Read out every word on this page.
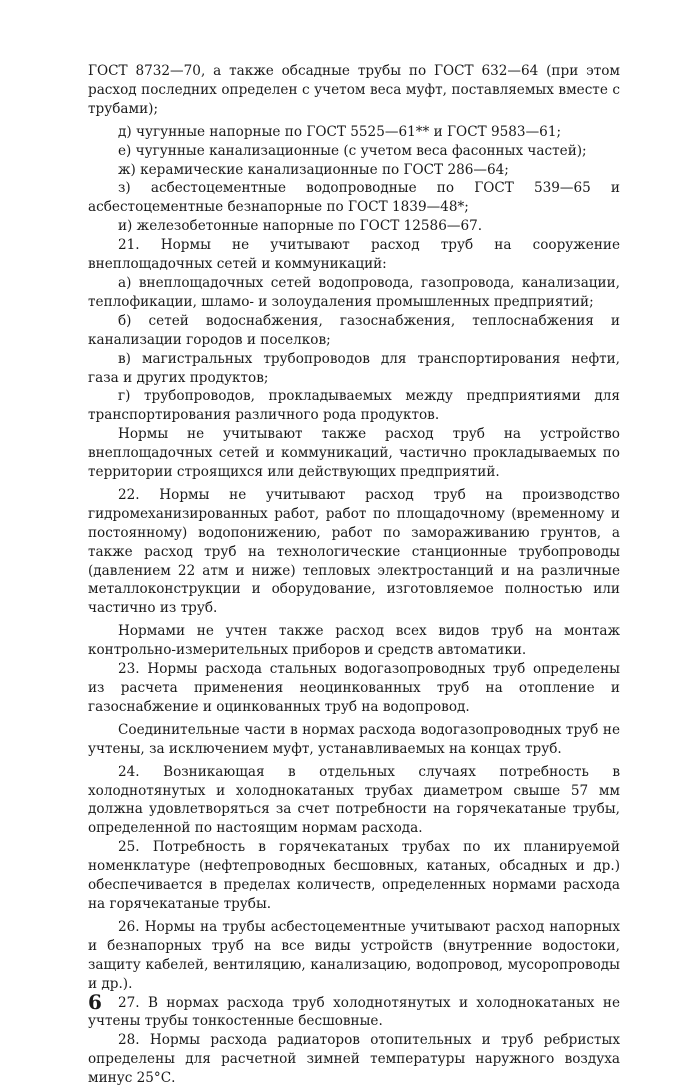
ГОСТ 8732—70, а также обсадные трубы по ГОСТ 632—64 (при этом расход последних определен с учетом веса муфт, поставляемых вместе с трубами);

д) чугунные напорные по ГОСТ 5525—61** и ГОСТ 9583—61;

е) чугунные канализационные (с учетом веса фасонных частей);

ж) керамические канализационные по ГОСТ 286—64;

з) асбестоцементные водопроводные по ГОСТ 539—65 и асбестоцементные безнапорные по ГОСТ 1839—48*;

и) железобетонные напорные по ГОСТ 12586—67.

21. Нормы не учитывают расход труб на сооружение внеплощадочных сетей и коммуникаций:

а) внеплощадочных сетей водопровода, газопровода, канализации, теплофикации, шламо- и золоудаления промышленных предприятий;

б) сетей водоснабжения, газоснабжения, теплоснабжения и канализации городов и поселков;

в) магистральных трубопроводов для транспортирования нефти, газа и других продуктов;

г) трубопроводов, прокладываемых между предприятиями для транспортирования различного рода продуктов.

Нормы не учитывают также расход труб на устройство внеплощадочных сетей и коммуникаций, частично прокладываемых по территории строящихся или действующих предприятий.

22. Нормы не учитывают расход труб на производство гидромеханизированных работ, работ по площадочному (временному и постоянному) водопонижению, работ по замораживанию грунтов, а также расход труб на технологические станционные трубопроводы (давлением 22 атм и ниже) тепловых электростанций и на различные металлоконструкции и оборудование, изготовляемое полностью или частично из труб.

Нормами не учтен также расход всех видов труб на монтаж контрольно-измерительных приборов и средств автоматики.

23. Нормы расхода стальных водогазопроводных труб определены из расчета применения неоцинкованных труб на отопление и газоснабжение и оцинкованных труб на водопровод.

Соединительные части в нормах расхода водогазопроводных труб не учтены, за исключением муфт, устанавливаемых на концах труб.

24. Возникающая в отдельных случаях потребность в холоднотянутых и холоднокатаных трубах диаметром свыше 57 мм должна удовлетворяться за счет потребности на горячекатаные трубы, определенной по настоящим нормам расхода.

25. Потребность в горячекатаных трубах по их планируемой номенклатуре (нефтепроводных бесшовных, катаных, обсадных и др.) обеспечивается в пределах количеств, определенных нормами расхода на горячекатаные трубы.

26. Нормы на трубы асбестоцементные учитывают расход напорных и безнапорных труб на все виды устройств (внутренние водостоки, защиту кабелей, вентиляцию, канализацию, водопровод, мусоропроводы и др.).

27. В нормах расхода труб холоднотянутых и холоднокатаных не учтены трубы тонкостенные бесшовные.

28. Нормы расхода радиаторов отопительных и труб ребристых определены для расчетной зимней температуры наружного воздуха минус 25°С.

6
